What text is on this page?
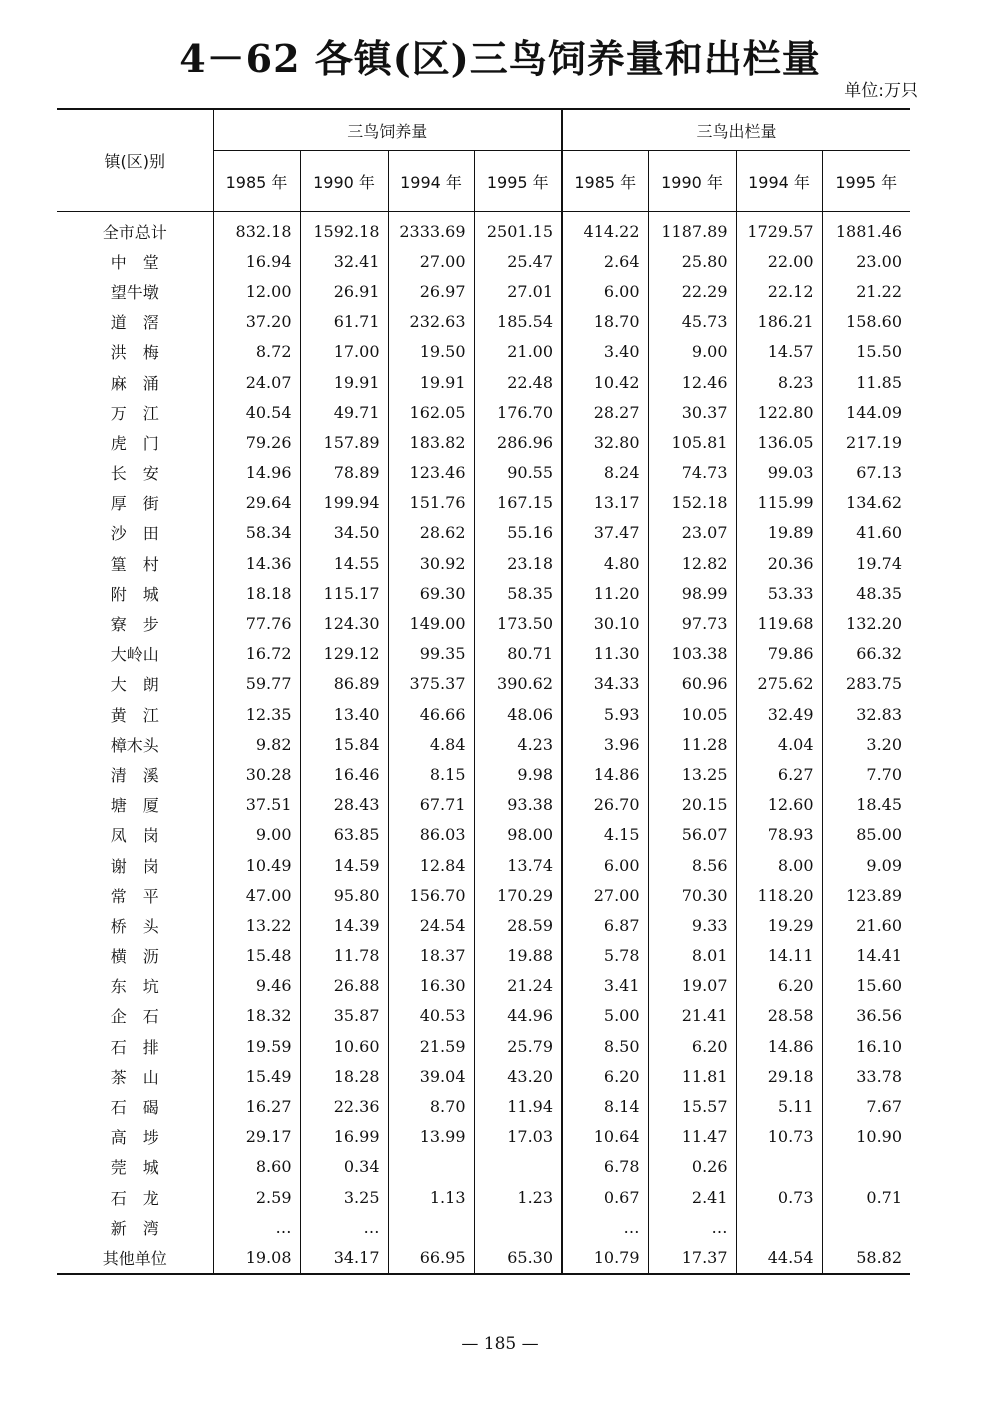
4－62 各镇(区)三鸟饲养量和出栏量
单位:万只
镇(区)别	三鸟饲养量				三鸟出栏量			
	1985 年	1990 年	1994 年	1995 年	1985 年	1990 年	1994 年	1995 年
全市总计	832.18	1592.18	2333.69	2501.15	414.22	1187.89	1729.57	1881.46
中　堂	16.94	32.41	27.00	25.47	2.64	25.80	22.00	23.00
望牛墩	12.00	26.91	26.97	27.01	6.00	22.29	22.12	21.22
道　滘	37.20	61.71	232.63	185.54	18.70	45.73	186.21	158.60
洪　梅	8.72	17.00	19.50	21.00	3.40	9.00	14.57	15.50
麻　涌	24.07	19.91	19.91	22.48	10.42	12.46	8.23	11.85
万　江	40.54	49.71	162.05	176.70	28.27	30.37	122.80	144.09
虎　门	79.26	157.89	183.82	286.96	32.80	105.81	136.05	217.19
长　安	14.96	78.89	123.46	90.55	8.24	74.73	99.03	67.13
厚　街	29.64	199.94	151.76	167.15	13.17	152.18	115.99	134.62
沙　田	58.34	34.50	28.62	55.16	37.47	23.07	19.89	41.60
篁　村	14.36	14.55	30.92	23.18	4.80	12.82	20.36	19.74
附　城	18.18	115.17	69.30	58.35	11.20	98.99	53.33	48.35
寮　步	77.76	124.30	149.00	173.50	30.10	97.73	119.68	132.20
大岭山	16.72	129.12	99.35	80.71	11.30	103.38	79.86	66.32
大　朗	59.77	86.89	375.37	390.62	34.33	60.96	275.62	283.75
黄　江	12.35	13.40	46.66	48.06	5.93	10.05	32.49	32.83
樟木头	9.82	15.84	4.84	4.23	3.96	11.28	4.04	3.20
清　溪	30.28	16.46	8.15	9.98	14.86	13.25	6.27	7.70
塘　厦	37.51	28.43	67.71	93.38	26.70	20.15	12.60	18.45
凤　岗	9.00	63.85	86.03	98.00	4.15	56.07	78.93	85.00
谢　岗	10.49	14.59	12.84	13.74	6.00	8.56	8.00	9.09
常　平	47.00	95.80	156.70	170.29	27.00	70.30	118.20	123.89
桥　头	13.22	14.39	24.54	28.59	6.87	9.33	19.29	21.60
横　沥	15.48	11.78	18.37	19.88	5.78	8.01	14.11	14.41
东　坑	9.46	26.88	16.30	21.24	3.41	19.07	6.20	15.60
企　石	18.32	35.87	40.53	44.96	5.00	21.41	28.58	36.56
石　排	19.59	10.60	21.59	25.79	8.50	6.20	14.86	16.10
茶　山	15.49	18.28	39.04	43.20	6.20	11.81	29.18	33.78
石　碣	16.27	22.36	8.70	11.94	8.14	15.57	5.11	7.67
高　埗	29.17	16.99	13.99	17.03	10.64	11.47	10.73	10.90
莞　城	8.60	0.34			6.78	0.26		
石　龙	2.59	3.25	1.13	1.23	0.67	2.41	0.73	0.71
新　湾	…	…			…	…		
其他单位	19.08	34.17	66.95	65.30	10.79	17.37	44.54	58.82
— 185 —
